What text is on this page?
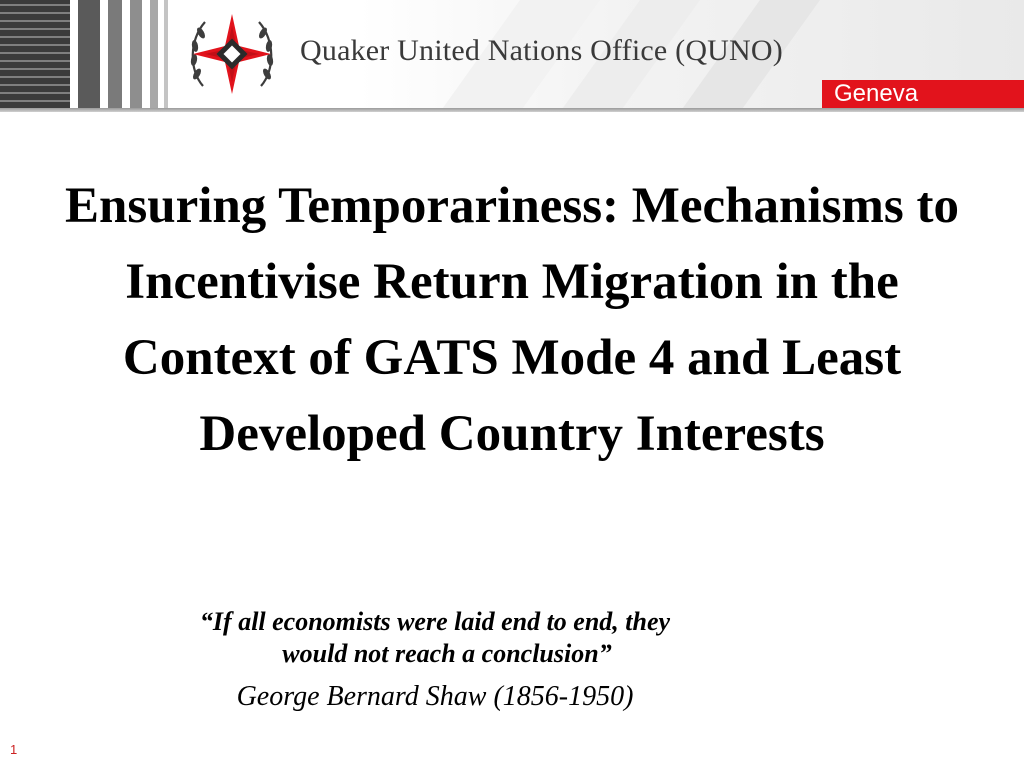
Quaker United Nations Office (QUNO)
Geneva
Ensuring Temporariness: Mechanisms to Incentivise Return Migration in the Context of GATS Mode 4 and Least Developed Country Interests
“If all economists were laid end to end, they
would not reach a conclusion”
George Bernard Shaw (1856-1950)
1
